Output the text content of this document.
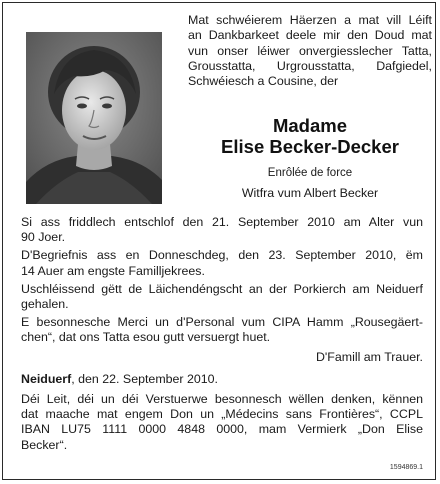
Mat schwéierem Häerzen a mat vill Léift
an Dankbarkeet deele mir den Doud mat
vun onser léiwer onvergiesslecher Tatta,
Grousstatta, Urgrousstatta, Dafgiedel,
Schwéiesch a Cousine, der
Madame
Elise Becker-Decker
Enrôlée de force
Witfra vum Albert Becker

Si ass friddlech entschlof den 21. September 2010 am Alter vun
90 Joer.

D'Begriefnis ass en Donneschdeg, den 23. September 2010, ëm
14 Auer am engste Familljekrees.

Uschléissend gëtt de Läichendéngscht an der Porkierch am Neiduerf
gehalen.

E besonnesche Merci un d'Personal vum CIPA Hamm „Rousegäert-
chen“, dat ons Tatta esou gutt versuergt huet.

D'Famill am Trauer.
Neiduerf, den 22. September 2010.

Déi Leit, déi un déi Verstuerwe besonnesch wëllen denken, kënnen
dat maache mat engem Don un „Médecins sans Frontières“, CCPL
IBAN LU75 1111 0000 4848 0000, mam Vermierk „Don Elise
Becker“.

1594869.1
